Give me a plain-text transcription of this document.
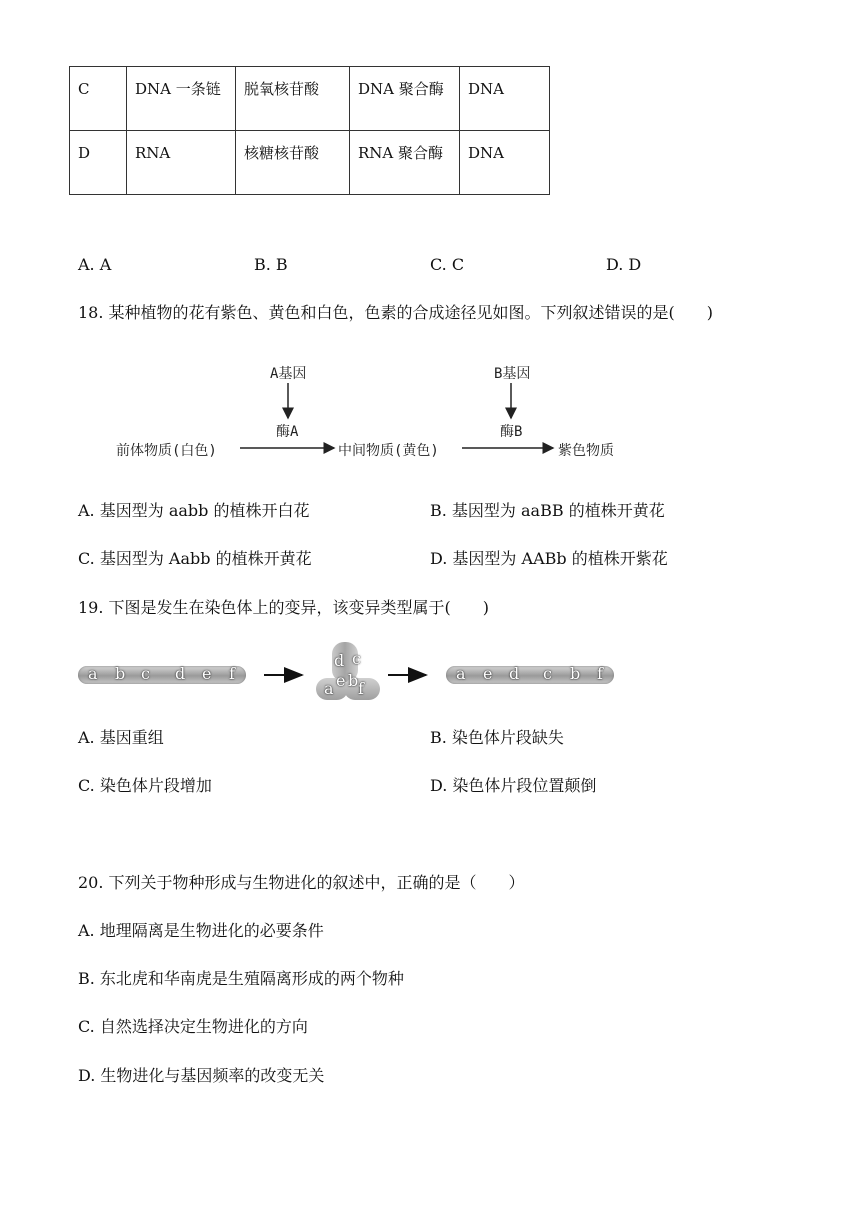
C	DNA 一条链	脱氧核苷酸	DNA 聚合酶	DNA
D	RNA	核糖核苷酸	RNA 聚合酶	DNA
A. A	B. B	C. C	D. D
18. 某种植物的花有紫色、黄色和白色，色素的合成途径见如图。下列叙述错误的是(　　)
A基因	B基因
酶A	酶B
前体物质(白色)	中间物质(黄色)	紫色物质
A. 基因型为 aabb 的植株开白花	B. 基因型为 aaBB 的植株开黄花
C. 基因型为 Aabb 的植株开黄花	D. 基因型为 AABb 的植株开紫花
19. 下图是发生在染色体上的变异，该变异类型属于(　　)
a b c d e f
d c
a e b f
a e d c b f
A. 基因重组	B. 染色体片段缺失
C. 染色体片段增加	D. 染色体片段位置颠倒
20. 下列关于物种形成与生物进化的叙述中，正确的是（　　）
A. 地理隔离是生物进化的必要条件
B. 东北虎和华南虎是生殖隔离形成的两个物种
C. 自然选择决定生物进化的方向
D. 生物进化与基因频率的改变无关
